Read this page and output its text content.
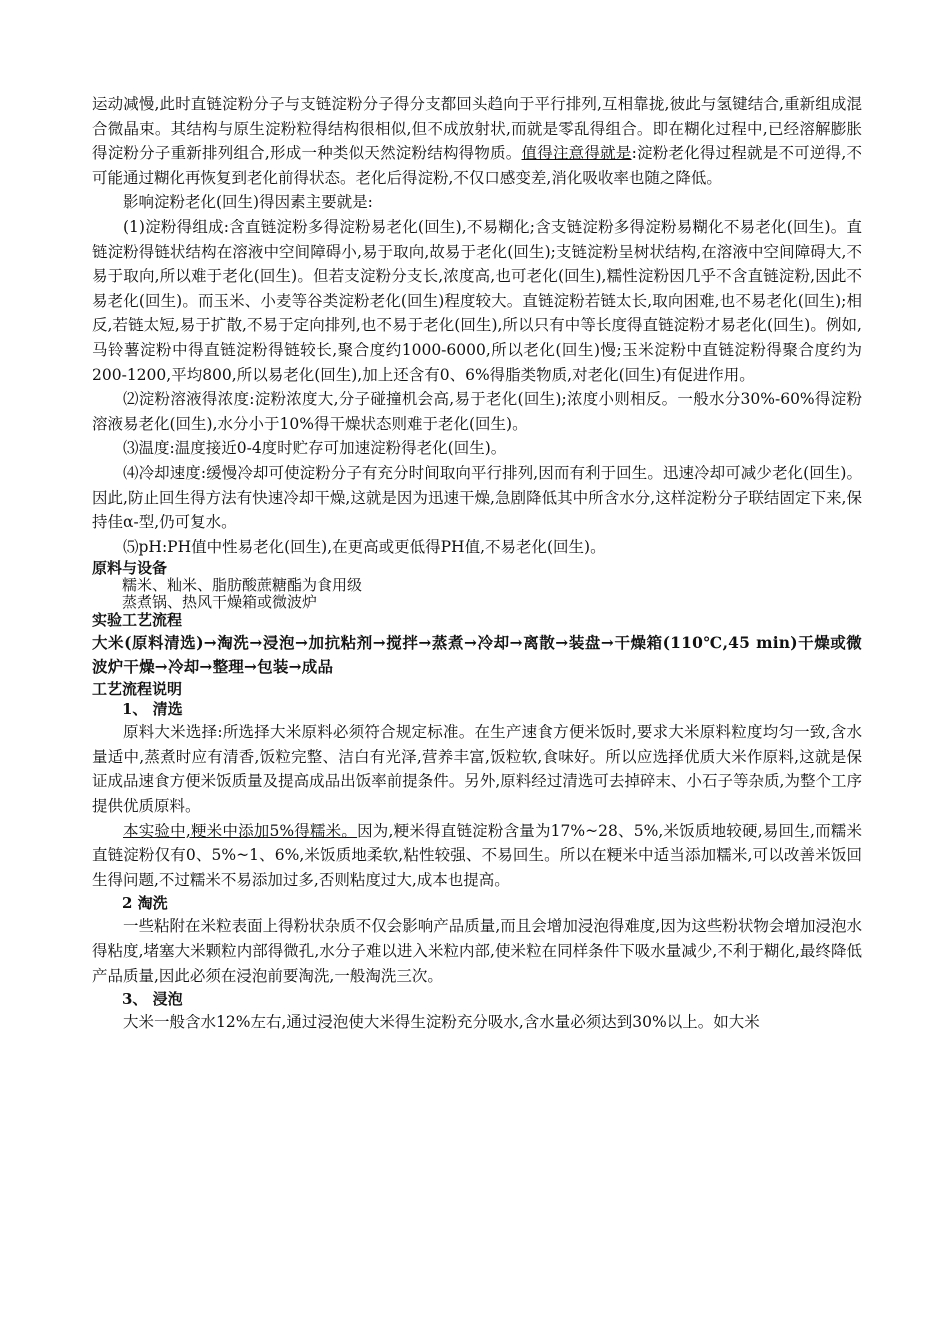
运动减慢,此时直链淀粉分子与支链淀粉分子得分支都回头趋向于平行排列,互相靠拢,彼此与氢键结合,重新组成混合微晶束。其结构与原生淀粉粒得结构很相似,但不成放射状,而就是零乱得组合。即在糊化过程中,已经溶解膨胀得淀粉分子重新排列组合,形成一种类似天然淀粉结构得物质。值得注意得就是:淀粉老化得过程就是不可逆得,不可能通过糊化再恢复到老化前得状态。老化后得淀粉,不仅口感变差,消化吸收率也随之降低。

影响淀粉老化(回生)得因素主要就是:

(1)淀粉得组成:含直链淀粉多得淀粉易老化(回生),不易糊化;含支链淀粉多得淀粉易糊化不易老化(回生)。直链淀粉得链状结构在溶液中空间障碍小,易于取向,故易于老化(回生);支链淀粉呈树状结构,在溶液中空间障碍大,不易于取向,所以难于老化(回生)。但若支淀粉分支长,浓度高,也可老化(回生),糯性淀粉因几乎不含直链淀粉,因此不易老化(回生)。而玉米、小麦等谷类淀粉老化(回生)程度较大。直链淀粉若链太长,取向困难,也不易老化(回生);相反,若链太短,易于扩散,不易于定向排列,也不易于老化(回生),所以只有中等长度得直链淀粉才易老化(回生)。例如,马铃薯淀粉中得直链淀粉得链较长,聚合度约1000-6000,所以老化(回生)慢;玉米淀粉中直链淀粉得聚合度约为200-1200,平均800,所以易老化(回生),加上还含有0、6%得脂类物质,对老化(回生)有促进作用。

⑵淀粉溶液得浓度:淀粉浓度大,分子碰撞机会高,易于老化(回生);浓度小则相反。一般水分30%-60%得淀粉溶液易老化(回生),水分小于10%得干燥状态则难于老化(回生)。

⑶温度:温度接近0-4度时贮存可加速淀粉得老化(回生)。

⑷冷却速度:缓慢冷却可使淀粉分子有充分时间取向平行排列,因而有利于回生。迅速冷却可减少老化(回生)。因此,防止回生得方法有快速冷却干燥,这就是因为迅速干燥,急剧降低其中所含水分,这样淀粉分子联结固定下来,保持佳α-型,仍可复水。

⑸pH:PH值中性易老化(回生),在更高或更低得PH值,不易老化(回生)。

原料与设备
糯米、籼米、脂肪酸蔗糖酯为食用级
蒸煮锅、热风干燥箱或微波炉
实验工艺流程
大米(原料清选)→淘洗→浸泡→加抗粘剂→搅拌→蒸煮→冷却→离散→装盘→干燥箱(110℃,45 min)干燥或微波炉干燥→冷却→整理→包装→成品
工艺流程说明
1、 清选

原料大米选择:所选择大米原料必须符合规定标准。在生产速食方便米饭时,要求大米原料粒度均匀一致,含水量适中,蒸煮时应有清香,饭粒完整、洁白有光泽,营养丰富,饭粒软,食味好。所以应选择优质大米作原料,这就是保证成品速食方便米饭质量及提高成品出饭率前提条件。另外,原料经过清选可去掉碎末、小石子等杂质,为整个工序提供优质原料。

本实验中,粳米中添加5%得糯米。因为,粳米得直链淀粉含量为17%~28、5%,米饭质地较硬,易回生,而糯米直链淀粉仅有0、5%~1、6%,米饭质地柔软,粘性较强、不易回生。所以在粳米中适当添加糯米,可以改善米饭回生得问题,不过糯米不易添加过多,否则粘度过大,成本也提高。

2 淘洗

一些粘附在米粒表面上得粉状杂质不仅会影响产品质量,而且会增加浸泡得难度,因为这些粉状物会增加浸泡水得粘度,堵塞大米颗粒内部得微孔,水分子难以进入米粒内部,使米粒在同样条件下吸水量减少,不利于糊化,最终降低产品质量,因此必须在浸泡前要淘洗,一般淘洗三次。

3、 浸泡

大米一般含水12%左右,通过浸泡使大米得生淀粉充分吸水,含水量必须达到30%以上。如大米
